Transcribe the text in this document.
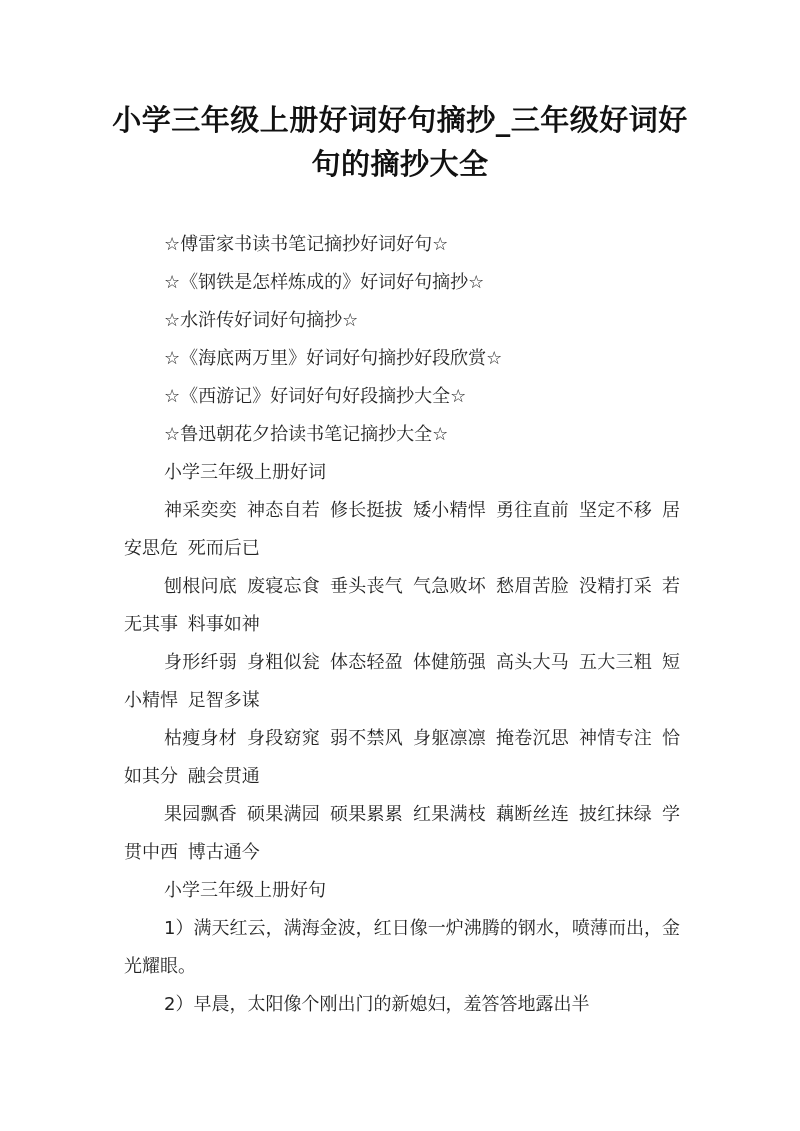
小学三年级上册好词好句摘抄_三年级好词好句的摘抄大全
☆傅雷家书读书笔记摘抄好词好句☆
☆《钢铁是怎样炼成的》好词好句摘抄☆
☆水浒传好词好句摘抄☆
☆《海底两万里》好词好句摘抄好段欣赏☆
☆《西游记》好词好句好段摘抄大全☆
☆鲁迅朝花夕拾读书笔记摘抄大全☆
小学三年级上册好词

神采奕奕 神态自若 修长挺拔 矮小精悍 勇往直前 坚定不移 居安思危 死而后已

刨根问底 废寝忘食 垂头丧气 气急败坏 愁眉苦脸 没精打采 若无其事 料事如神

身形纤弱 身粗似瓮 体态轻盈 体健筋强 高头大马 五大三粗 短小精悍 足智多谋

枯瘦身材 身段窈窕 弱不禁风 身躯凛凛 掩卷沉思 神情专注 恰如其分 融会贯通

果园飘香 硕果满园 硕果累累 红果满枝 藕断丝连 披红抹绿 学贯中西 博古通今

小学三年级上册好句

1）满天红云，满海金波，红日像一炉沸腾的钢水，喷薄而出，金光耀眼。

2）早晨，太阳像个刚出门的新媳妇，羞答答地露出半
